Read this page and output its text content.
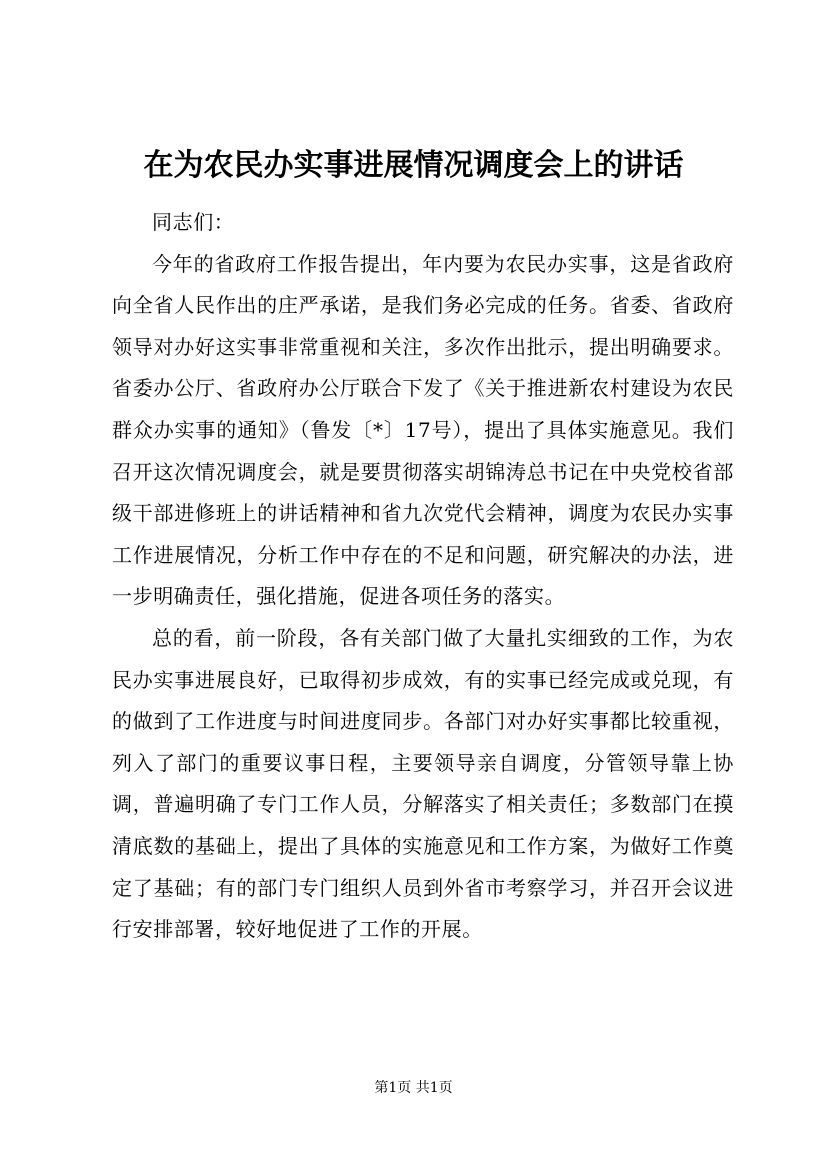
在为农民办实事进展情况调度会上的讲话

同志们：

今年的省政府工作报告提出，年内要为农民办实事，这是省政府向全省人民作出的庄严承诺，是我们务必完成的任务。省委、省政府领导对办好这实事非常重视和关注，多次作出批示，提出明确要求。省委办公厅、省政府办公厅联合下发了《关于推进新农村建设为农民群众办实事的通知》（鲁发〔*〕17号），提出了具体实施意见。我们召开这次情况调度会，就是要贯彻落实胡锦涛总书记在中央党校省部级干部进修班上的讲话精神和省九次党代会精神，调度为农民办实事工作进展情况，分析工作中存在的不足和问题，研究解决的办法，进一步明确责任，强化措施，促进各项任务的落实。

总的看，前一阶段，各有关部门做了大量扎实细致的工作，为农民办实事进展良好，已取得初步成效，有的实事已经完成或兑现，有的做到了工作进度与时间进度同步。各部门对办好实事都比较重视，列入了部门的重要议事日程，主要领导亲自调度，分管领导靠上协调，普遍明确了专门工作人员，分解落实了相关责任；多数部门在摸清底数的基础上，提出了具体的实施意见和工作方案，为做好工作奠定了基础；有的部门专门组织人员到外省市考察学习，并召开会议进行安排部署，较好地促进了工作的开展。

第1页 共1页
